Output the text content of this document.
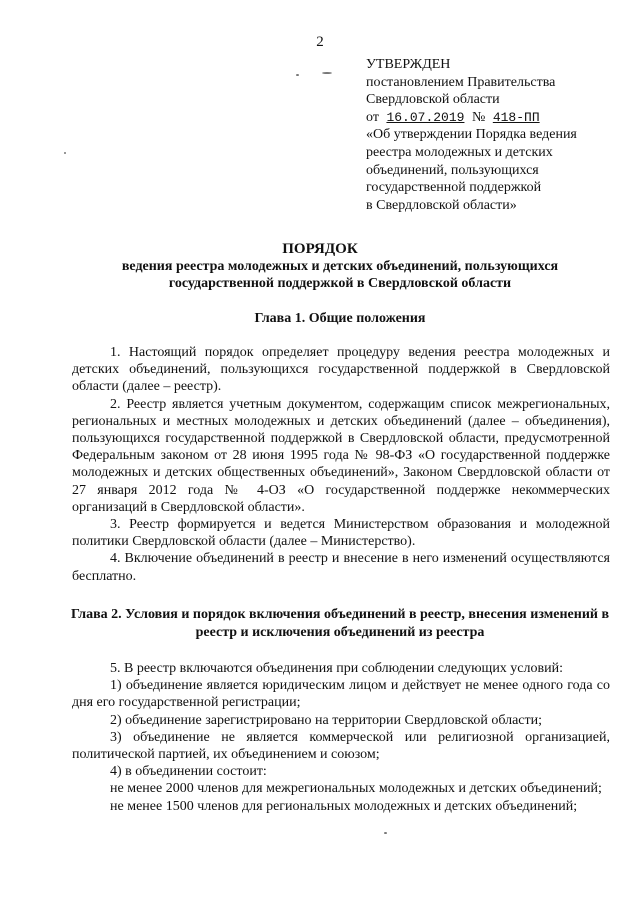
2
УТВЕРЖДЕН
постановлением Правительства
Свердловской области
от 16.07.2019 № 418-ПП
«Об утверждении Порядка ведения
реестра молодежных и детских
объединений, пользующихся
государственной поддержкой
в Свердловской области»
ПОРЯДОК
ведения реестра молодежных и детских объединений, пользующихся государственной поддержкой в Свердловской области
Глава 1. Общие положения

1. Настоящий порядок определяет процедуру ведения реестра молодежных и детских объединений, пользующихся государственной поддержкой в Свердловской области (далее – реестр).

2. Реестр является учетным документом, содержащим список межрегиональных, региональных и местных молодежных и детских объединений (далее – объединения), пользующихся государственной поддержкой в Свердловской области, предусмотренной Федеральным законом от 28 июня 1995 года № 98-ФЗ «О государственной поддержке молодежных и детских общественных объединений», Законом Свердловской области от 27 января 2012 года № 4-ОЗ «О государственной поддержке некоммерческих организаций в Свердловской области».

3. Реестр формируется и ведется Министерством образования и молодежной политики Свердловской области (далее – Министерство).

4. Включение объединений в реестр и внесение в него изменений осуществляются бесплатно.

Глава 2. Условия и порядок включения объединений в реестр, внесения изменений в реестр и исключения объединений из реестра

5. В реестр включаются объединения при соблюдении следующих условий:

1) объединение является юридическим лицом и действует не менее одного года со дня его государственной регистрации;

2) объединение зарегистрировано на территории Свердловской области;

3) объединение не является коммерческой или религиозной организацией, политической партией, их объединением и союзом;

4) в объединении состоит:

не менее 2000 членов для межрегиональных молодежных и детских объединений;

не менее 1500 членов для региональных молодежных и детских объединений;
